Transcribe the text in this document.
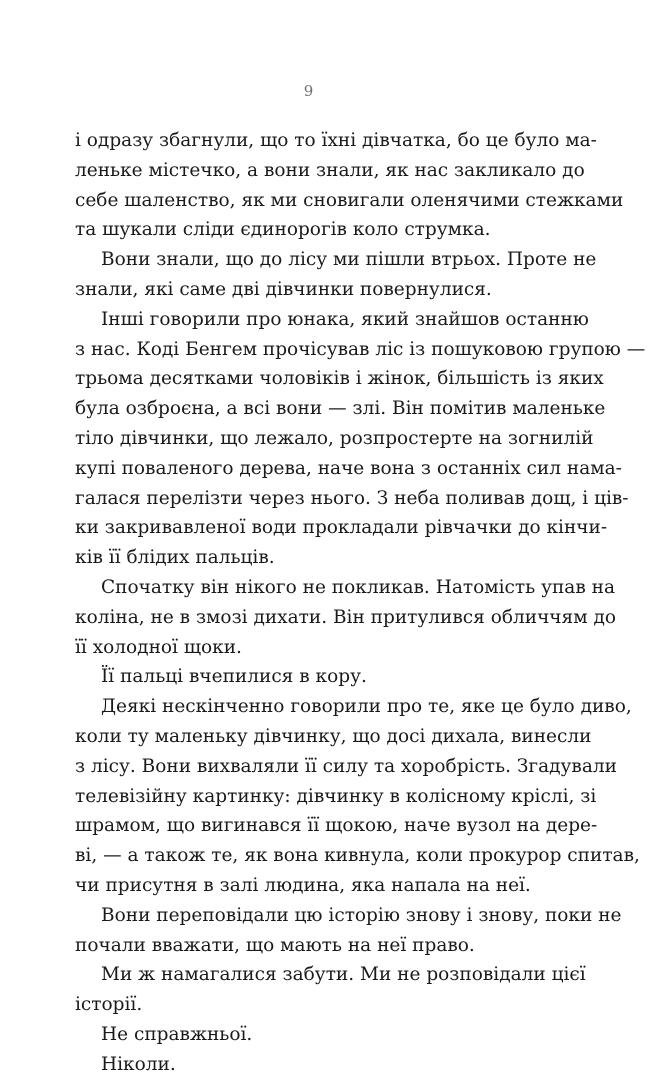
9
і одразу збагнули, що то їхні дівчатка, бо це було ма-
леньке містечко, а вони знали, як нас закликало до
себе шаленство, як ми сновигали оленячими стежками
та шукали сліди єдинорогів коло струмка.
Вони знали, що до лісу ми пішли втрьох. Проте не
знали, які саме дві дівчинки повернулися.
Інші говорили про юнака, який знайшов останню
з нас. Коді Бенгем прочісував ліс із пошуковою групою —
трьома десятками чоловіків і жінок, більшість із яких
була озброєна, а всі вони — злі. Він помітив маленьке
тіло дівчинки, що лежало, розпростерте на зогнилій
купі поваленого дерева, наче вона з останніх сил нама-
галася перелізти через нього. З неба поливав дощ, і ців-
ки закривавленої води прокладали рівчачки до кінчи-
ків її блідих пальців.
Спочатку він нікого не покликав. Натомість упав на
коліна, не в змозі дихати. Він притулився обличчям до
її холодної щоки.
Її пальці вчепилися в кору.
Деякі нескінченно говорили про те, яке це було диво,
коли ту маленьку дівчинку, що досі дихала, винесли
з лісу. Вони вихваляли її силу та хоробрість. Згадували
телевізійну картинку: дівчинку в колісному кріслі, зі
шрамом, що вигинався її щокою, наче вузол на дере-
ві, — а також те, як вона кивнула, коли прокурор спитав,
чи присутня в залі людина, яка напала на неї.
Вони переповідали цю історію знову і знову, поки не
почали вважати, що мають на неї право.
Ми ж намагалися забути. Ми не розповідали цієї
історії.
Не справжньої.
Ніколи.
